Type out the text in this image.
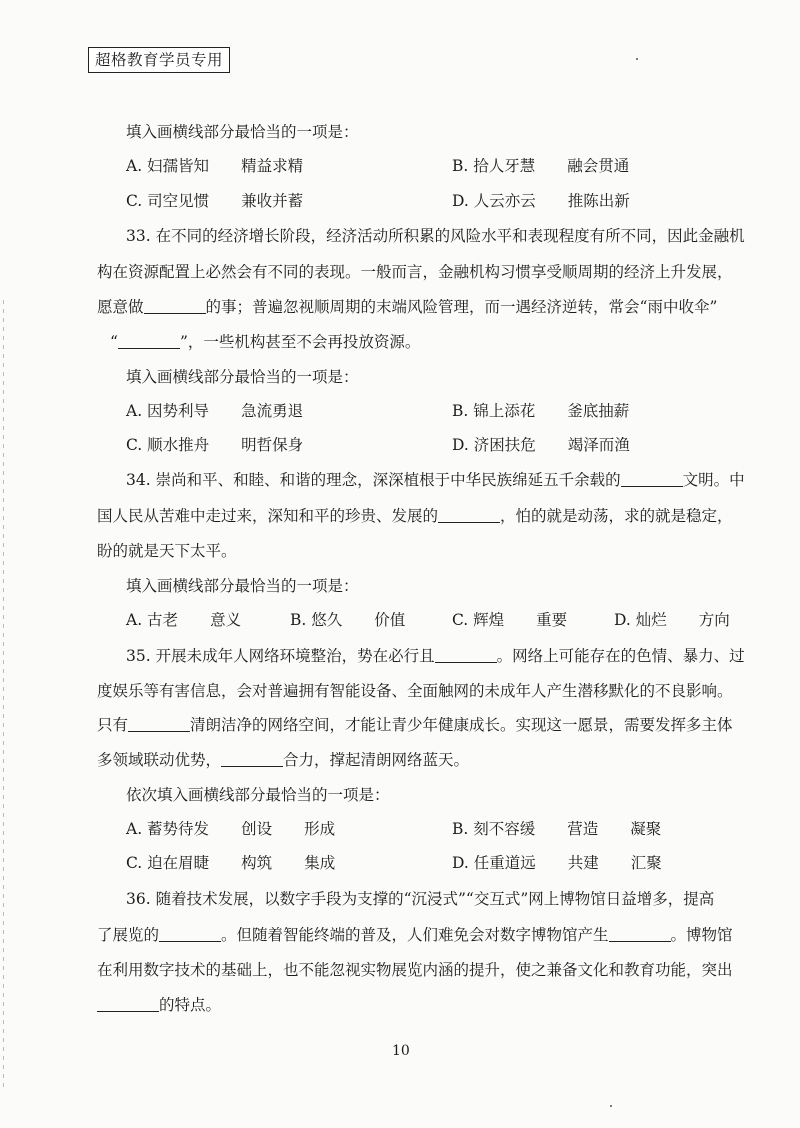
超格教育学员专用
填入画横线部分最恰当的一项是：
A. 妇孺皆知 精益求精	B. 拾人牙慧 融会贯通
C. 司空见惯 兼收并蓄	D. 人云亦云 推陈出新
33. 在不同的经济增长阶段，经济活动所积累的风险水平和表现程度有所不同，因此金融机
构在资源配置上必然会有不同的表现。一般而言，金融机构习惯享受顺周期的经济上升发展，
愿意做	的事；普遍忽视顺周期的末端风险管理，而一遇经济逆转，常会“雨中收伞”
“	”，一些机构甚至不会再投放资源。
填入画横线部分最恰当的一项是：
A. 因势利导 急流勇退	B. 锦上添花 釜底抽薪
C. 顺水推舟 明哲保身	D. 济困扶危 竭泽而渔
34. 崇尚和平、和睦、和谐的理念，深深植根于中华民族绵延五千余载的	文明。中
国人民从苦难中走过来，深知和平的珍贵、发展的	，怕的就是动荡，求的就是稳定，
盼的就是天下太平。
填入画横线部分最恰当的一项是：
A. 古老 意义	B. 悠久 价值	C. 辉煌 重要	D. 灿烂 方向
35. 开展未成年人网络环境整治，势在必行且	。网络上可能存在的色情、暴力、过
度娱乐等有害信息，会对普遍拥有智能设备、全面触网的未成年人产生潜移默化的不良影响。
只有	清朗洁净的网络空间，才能让青少年健康成长。实现这一愿景，需要发挥多主体
多领域联动优势，	合力，撑起清朗网络蓝天。
依次填入画横线部分最恰当的一项是：
A. 蓄势待发 创设 形成	B. 刻不容缓 营造 凝聚
C. 迫在眉睫 构筑 集成	D. 任重道远 共建 汇聚
36. 随着技术发展，以数字手段为支撑的“沉浸式”“交互式”网上博物馆日益增多，提高
了展览的	。但随着智能终端的普及，人们难免会对数字博物馆产生	。博物馆
在利用数字技术的基础上，也不能忽视实物展览内涵的提升，使之兼备文化和教育功能，突出
的特点。
10
